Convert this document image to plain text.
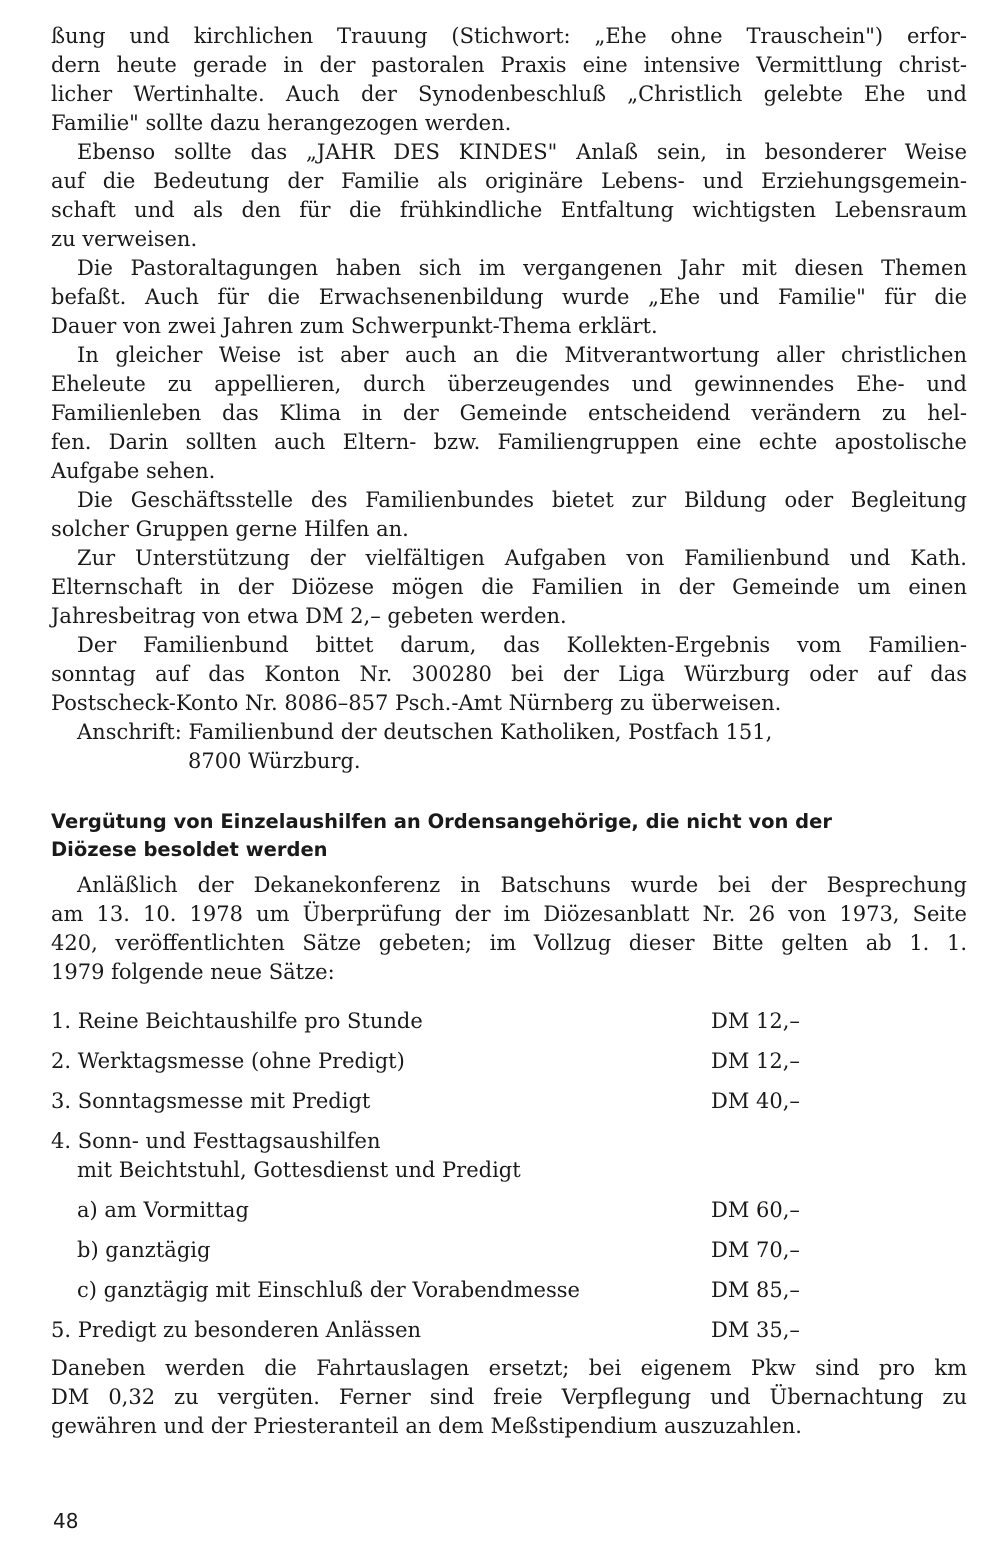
ßung und kirchlichen Trauung (Stichwort: „Ehe ohne Trauschein") erfor-
dern heute gerade in der pastoralen Praxis eine intensive Vermittlung christ-
licher Wertinhalte. Auch der Synodenbeschluß „Christlich gelebte Ehe und
Familie" sollte dazu herangezogen werden.
Ebenso sollte das „JAHR DES KINDES" Anlaß sein, in besonderer Weise
auf die Bedeutung der Familie als originäre Lebens- und Erziehungsgemein-
schaft und als den für die frühkindliche Entfaltung wichtigsten Lebensraum
zu verweisen.
Die Pastoraltagungen haben sich im vergangenen Jahr mit diesen Themen
befaßt. Auch für die Erwachsenenbildung wurde „Ehe und Familie" für die
Dauer von zwei Jahren zum Schwerpunkt-Thema erklärt.
In gleicher Weise ist aber auch an die Mitverantwortung aller christlichen
Eheleute zu appellieren, durch überzeugendes und gewinnendes Ehe- und
Familienleben das Klima in der Gemeinde entscheidend verändern zu hel-
fen. Darin sollten auch Eltern- bzw. Familiengruppen eine echte apostolische
Aufgabe sehen.
Die Geschäftsstelle des Familienbundes bietet zur Bildung oder Begleitung
solcher Gruppen gerne Hilfen an.
Zur Unterstützung der vielfältigen Aufgaben von Familienbund und Kath.
Elternschaft in der Diözese mögen die Familien in der Gemeinde um einen
Jahresbeitrag von etwa DM 2,– gebeten werden.
Der Familienbund bittet darum, das Kollekten-Ergebnis vom Familien-
sonntag auf das Konton Nr. 300280 bei der Liga Würzburg oder auf das
Postscheck-Konto Nr. 8086–857 Psch.-Amt Nürnberg zu überweisen.
Anschrift: Familienbund der deutschen Katholiken, Postfach 151,
8700 Würzburg.
Vergütung von Einzelaushilfen an Ordensangehörige, die nicht von der
Diözese besoldet werden
Anläßlich der Dekanekonferenz in Batschuns wurde bei der Besprechung
am 13. 10. 1978 um Überprüfung der im Diözesanblatt Nr. 26 von 1973, Seite
420, veröffentlichten Sätze gebeten; im Vollzug dieser Bitte gelten ab 1. 1.
1979 folgende neue Sätze:
1. Reine Beichtaushilfe pro Stunde	DM 12,–
2. Werktagsmesse (ohne Predigt)	DM 12,–
3. Sonntagsmesse mit Predigt	DM 40,–
4. Sonn- und Festtagsaushilfen
mit Beichtstuhl, Gottesdienst und Predigt
a) am Vormittag	DM 60,–
b) ganztägig	DM 70,–
c) ganztägig mit Einschluß der Vorabendmesse	DM 85,–
5. Predigt zu besonderen Anlässen	DM 35,–
Daneben werden die Fahrtauslagen ersetzt; bei eigenem Pkw sind pro km
DM 0,32 zu vergüten. Ferner sind freie Verpflegung und Übernachtung zu
gewähren und der Priesteranteil an dem Meßstipendium auszuzahlen.
48
